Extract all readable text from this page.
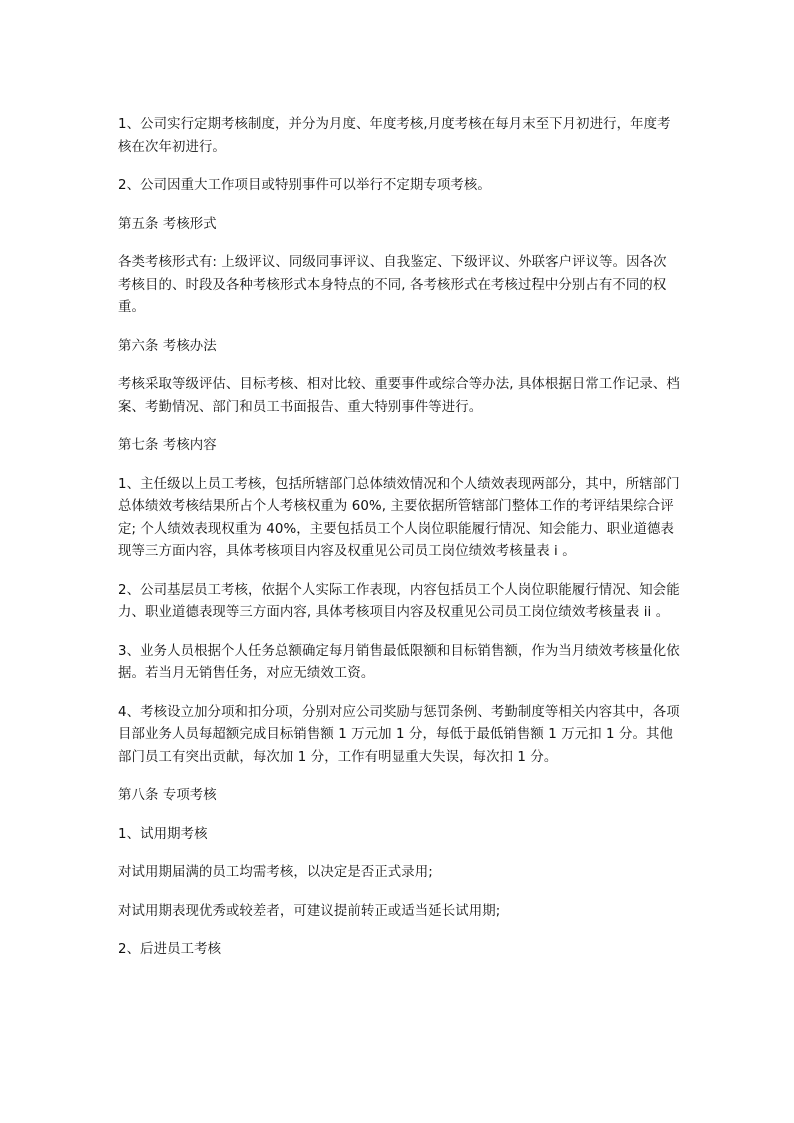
1、公司实行定期考核制度，并分为月度、年度考核,月度考核在每月末至下月初进行，年度考核在次年初进行。

2、公司因重大工作项目或特别事件可以举行不定期专项考核。

第五条 考核形式

各类考核形式有: 上级评议、同级同事评议、自我鉴定、下级评议、外联客户评议等。因各次考核目的、时段及各种考核形式本身特点的不同, 各考核形式在考核过程中分别占有不同的权重。

第六条 考核办法

考核采取等级评估、目标考核、相对比较、重要事件或综合等办法, 具体根据日常工作记录、档案、考勤情况、部门和员工书面报告、重大特别事件等进行。

第七条 考核内容

1、主任级以上员工考核，包括所辖部门总体绩效情况和个人绩效表现两部分，其中，所辖部门总体绩效考核结果所占个人考核权重为 60%, 主要依据所管辖部门整体工作的考评结果综合评定; 个人绩效表现权重为 40%，主要包括员工个人岗位职能履行情况、知会能力、职业道德表现等三方面内容，具体考核项目内容及权重见公司员工岗位绩效考核量表 i 。

2、公司基层员工考核，依据个人实际工作表现，内容包括员工个人岗位职能履行情况、知会能力、职业道德表现等三方面内容, 具体考核项目内容及权重见公司员工岗位绩效考核量表 ii 。

3、业务人员根据个人任务总额确定每月销售最低限额和目标销售额，作为当月绩效考核量化依据。若当月无销售任务，对应无绩效工资。

4、考核设立加分项和扣分项，分别对应公司奖励与惩罚条例、考勤制度等相关内容其中，各项目部业务人员每超额完成目标销售额 1 万元加 1 分，每低于最低销售额 1 万元扣 1 分。其他部门员工有突出贡献，每次加 1 分，工作有明显重大失误，每次扣 1 分。

第八条 专项考核

1、试用期考核

对试用期届满的员工均需考核，以决定是否正式录用;

对试用期表现优秀或较差者，可建议提前转正或适当延长试用期;

2、后进员工考核
